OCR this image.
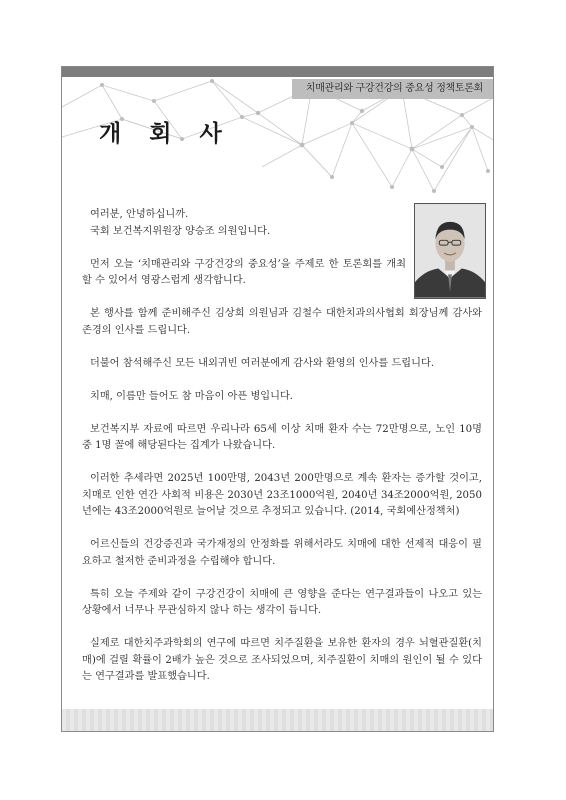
치매관리와 구강건강의 중요성 정책토론회
개 회 사

여러분, 안녕하십니까.

국회 보건복지위원장 양승조 의원입니다.

먼저 오늘 ‘치매관리와 구강건강의 중요성’을 주제로 한 토론회를 개최할 수 있어서 영광스럽게 생각합니다.

본 행사를 함께 준비해주신 김상희 의원님과 김철수 대한치과의사협회 회장님께 감사와 존경의 인사를 드립니다.

더불어 참석해주신 모든 내외귀빈 여러분에게 감사와 환영의 인사를 드립니다.

치매, 이름만 들어도 참 마음이 아픈 병입니다.

보건복지부 자료에 따르면 우리나라 65세 이상 치매 환자 수는 72만명으로, 노인 10명 중 1명 꼴에 해당된다는 집계가 나왔습니다.

이러한 추세라면 2025년 100만명, 2043년 200만명으로 계속 환자는 증가할 것이고, 치매로 인한 연간 사회적 비용은 2030년 23조1000억원, 2040년 34조2000억원, 2050년에는 43조2000억원로 늘어날 것으로 추정되고 있습니다. (2014, 국회예산정책처)

어르신들의 건강증진과 국가재정의 안정화를 위해서라도 치매에 대한 선제적 대응이 필요하고 철저한 준비과정을 수립해야 합니다.

특히 오늘 주제와 같이 구강건강이 치매에 큰 영향을 준다는 연구결과들이 나오고 있는 상황에서 너무나 무관심하지 않나 하는 생각이 듭니다.

실제로 대한치주과학회의 연구에 따르면 치주질환을 보유한 환자의 경우 뇌혈관질환(치매)에 걸릴 확률이 2배가 높은 것으로 조사되었으며, 치주질환이 치매의 원인이 될 수 있다는 연구결과를 발표했습니다.
